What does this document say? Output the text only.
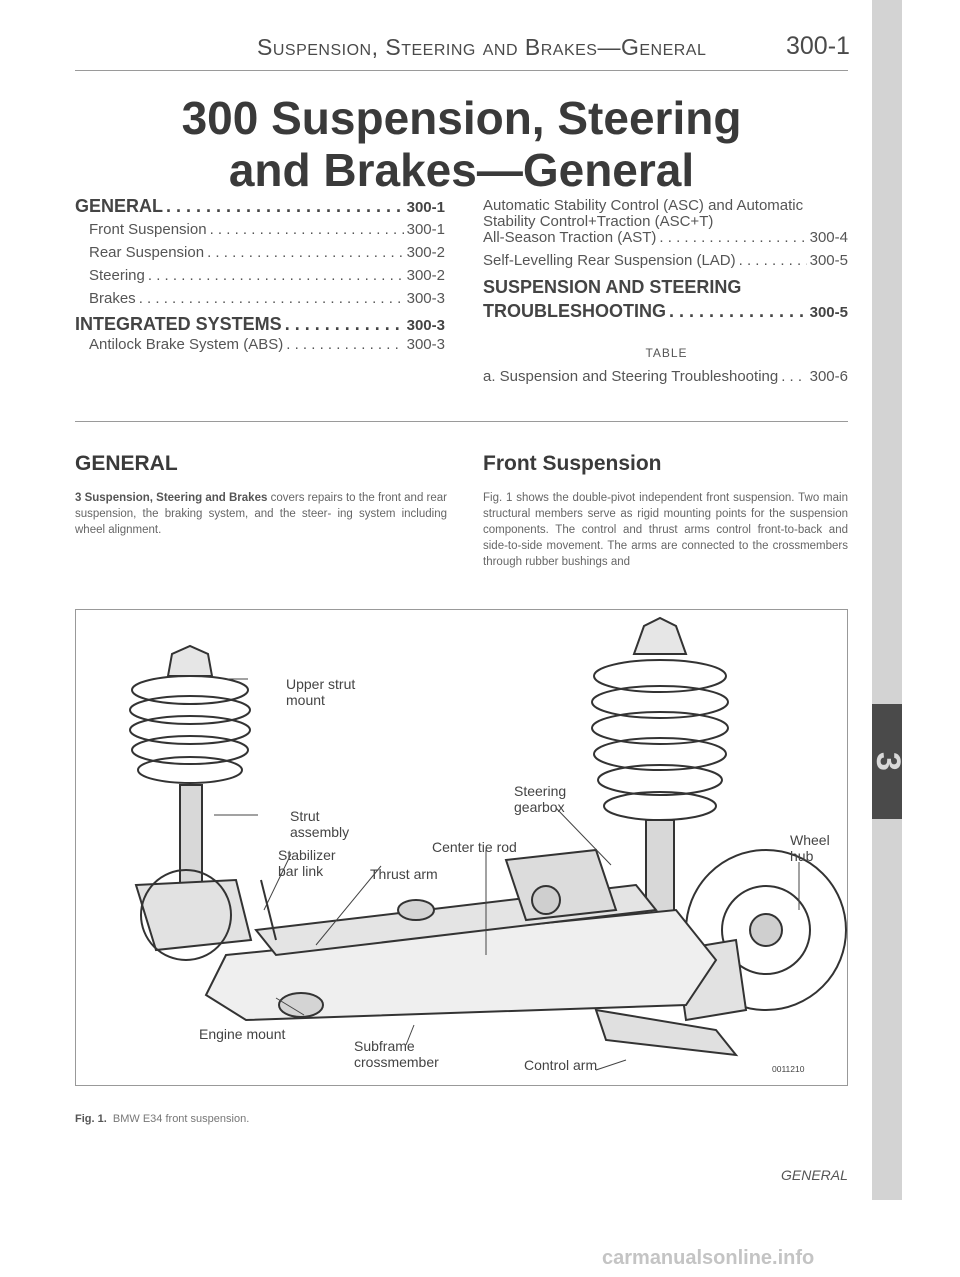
3
Suspension, Steering and Brakes—General	300-1
300 Suspension, Steering
and Brakes—General
GENERAL . . .	300-1
Front Suspension . . .	300-1
Rear Suspension . . .	300-2
Steering . . .	300-2
Brakes . . .	300-3
INTEGRATED SYSTEMS . . .	300-3
Antilock Brake System (ABS) . . .	300-3
Automatic Stability Control (ASC) and Automatic
Stability Control+Traction (ASC+T)
All-Season Traction (AST) . . .	300-4
Self-Levelling Rear Suspension (LAD) . . .	300-5
SUSPENSION AND STEERING
TROUBLESHOOTING . . .	300-5
TABLE
a. Suspension and Steering Troubleshooting . . . 300-6
GENERAL

3 Suspension, Steering and Brakes covers repairs to the front and rear suspension, the braking system, and the steer- ing system including wheel alignment.

Front Suspension

Fig. 1 shows the double-pivot independent front suspension. Two main structural members serve as rigid mounting points for the suspension components. The control and thrust arms control front-to-back and side-to-side movement. The arms are connected to the crossmembers through rubber bushings and

Upper strut
mount
Strut
assembly
Stabilizer
bar link	Thrust arm
Center tie rod
Steering
gearbox
Wheel
hub
Engine mount
Subframe
crossmember	Control arm	0011210
Fig. 1. BMW E34 front suspension.
GENERAL
carmanualsonline.info
